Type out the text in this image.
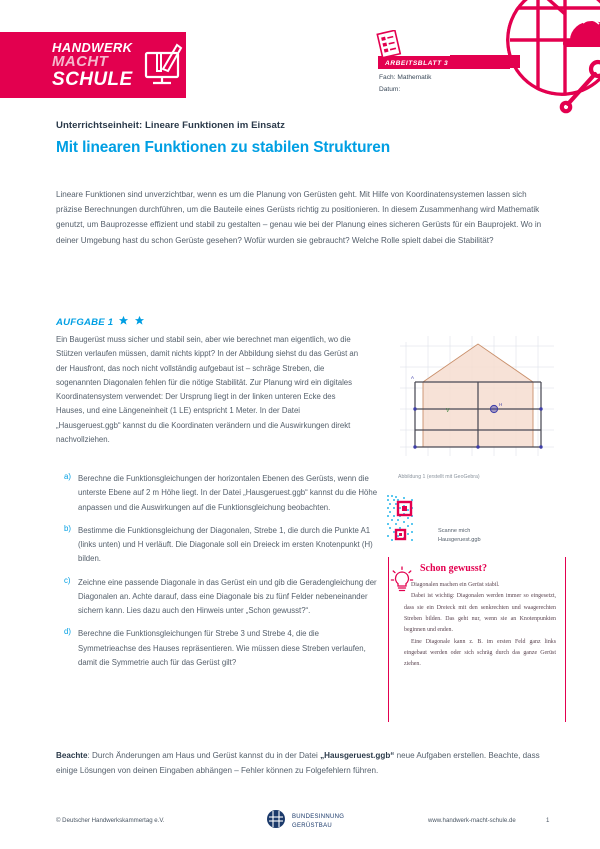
ARBEITSBLATT 3
Fach: Mathematik
Datum:
HANDWERK
MACHT
SCHULE
Unterrichtseinheit: Lineare Funktionen im Einsatz
Mit linearen Funktionen zu stabilen Strukturen
Lineare Funktionen sind unverzichtbar, wenn es um die Planung von Gerüsten geht. Mit Hilfe von Koordinatensystemen lassen sich präzise Berechnungen durchführen, um die Bauteile eines Gerüsts richtig zu positionieren. In diesem Zusammenhang wird Mathematik genutzt, um Bauprozesse effizient und stabil zu gestalten – genau wie bei der Planung eines sicheren Gerüsts für ein Bauprojekt. Wo in deiner Umgebung hast du schon Gerüste gesehen? Wofür wurden sie gebraucht? Welche Rolle spielt dabei die Stabilität?
AUFGABE 1
Ein Baugerüst muss sicher und stabil sein, aber wie berechnet man eigentlich, wo die Stützen verlaufen müssen, damit nichts kippt? In der Abbildung siehst du das Gerüst an der Hausfront, das noch nicht vollständig aufgebaut ist – schräge Streben, die sogenannten Diagonalen fehlen für die nötige Stabilität. Zur Planung wird ein digitales Koordinatensystem verwendet: Der Ursprung liegt in der linken unteren Ecke des Hauses, und eine Längeneinheit (1 LE) entspricht 1 Meter. In der Datei „Hausgeruest.ggb“ kannst du die Koordinaten verändern und die Auswirkungen direkt nachvollziehen.
a) Berechne die Funktionsgleichungen der horizontalen Ebenen des Gerüsts, wenn die unterste Ebene auf 2 m Höhe liegt. In der Datei „Hausgeruest.ggb“ kannst du die Höhe anpassen und die Auswirkungen auf die Funktionsgleichung beobachten.
b) Bestimme die Funktionsgleichung der Diagonalen, Strebe 1, die durch die Punkte A1 (links unten) und H verläuft. Die Diagonale soll ein Dreieck im ersten Knotenpunkt (H) bilden.
c) Zeichne eine passende Diagonale in das Gerüst ein und gib die Geradengleichung der Diagonalen an. Achte darauf, dass eine Diagonale bis zu fünf Felder nebeneinander sichern kann. Lies dazu auch den Hinweis unter „Schon gewusst?“.
d) Berechne die Funktionsgleichungen für Strebe 3 und Strebe 4, die die Symmetrieachse des Hauses repräsentieren. Wie müssen diese Streben verlaufen, damit die Symmetrie auch für das Gerüst gilt?
V
A
H
Abbildung 1 (erstellt mit GeoGebra)
Scanne mich
Hausgeruest.ggb
Schon gewusst?

Diagonalen machen ein Gerüst stabil.

Dabei ist wichtig: Diagonalen werden immer so eingesetzt, dass sie ein Dreieck mit den senkrechten und waagerechten Streben bilden. Das geht nur, wenn sie an Knotenpunkten beginnen und enden.

Eine Diagonale kann z. B. im ersten Feld ganz links eingebaut werden oder sich schräg durch das ganze Gerüst ziehen.

Beachte: Durch Änderungen am Haus und Gerüst kannst du in der Datei „Hausgeruest.ggb“ neue Aufgaben erstellen. Beachte, dass einige Lösungen von deinen Eingaben abhängen – Fehler können zu Folgefehlern führen.
© Deutscher Handwerkskammertag e.V.	BUNDESINNUNG
GERÜSTBAU
www.handwerk-macht-schule.de	1
